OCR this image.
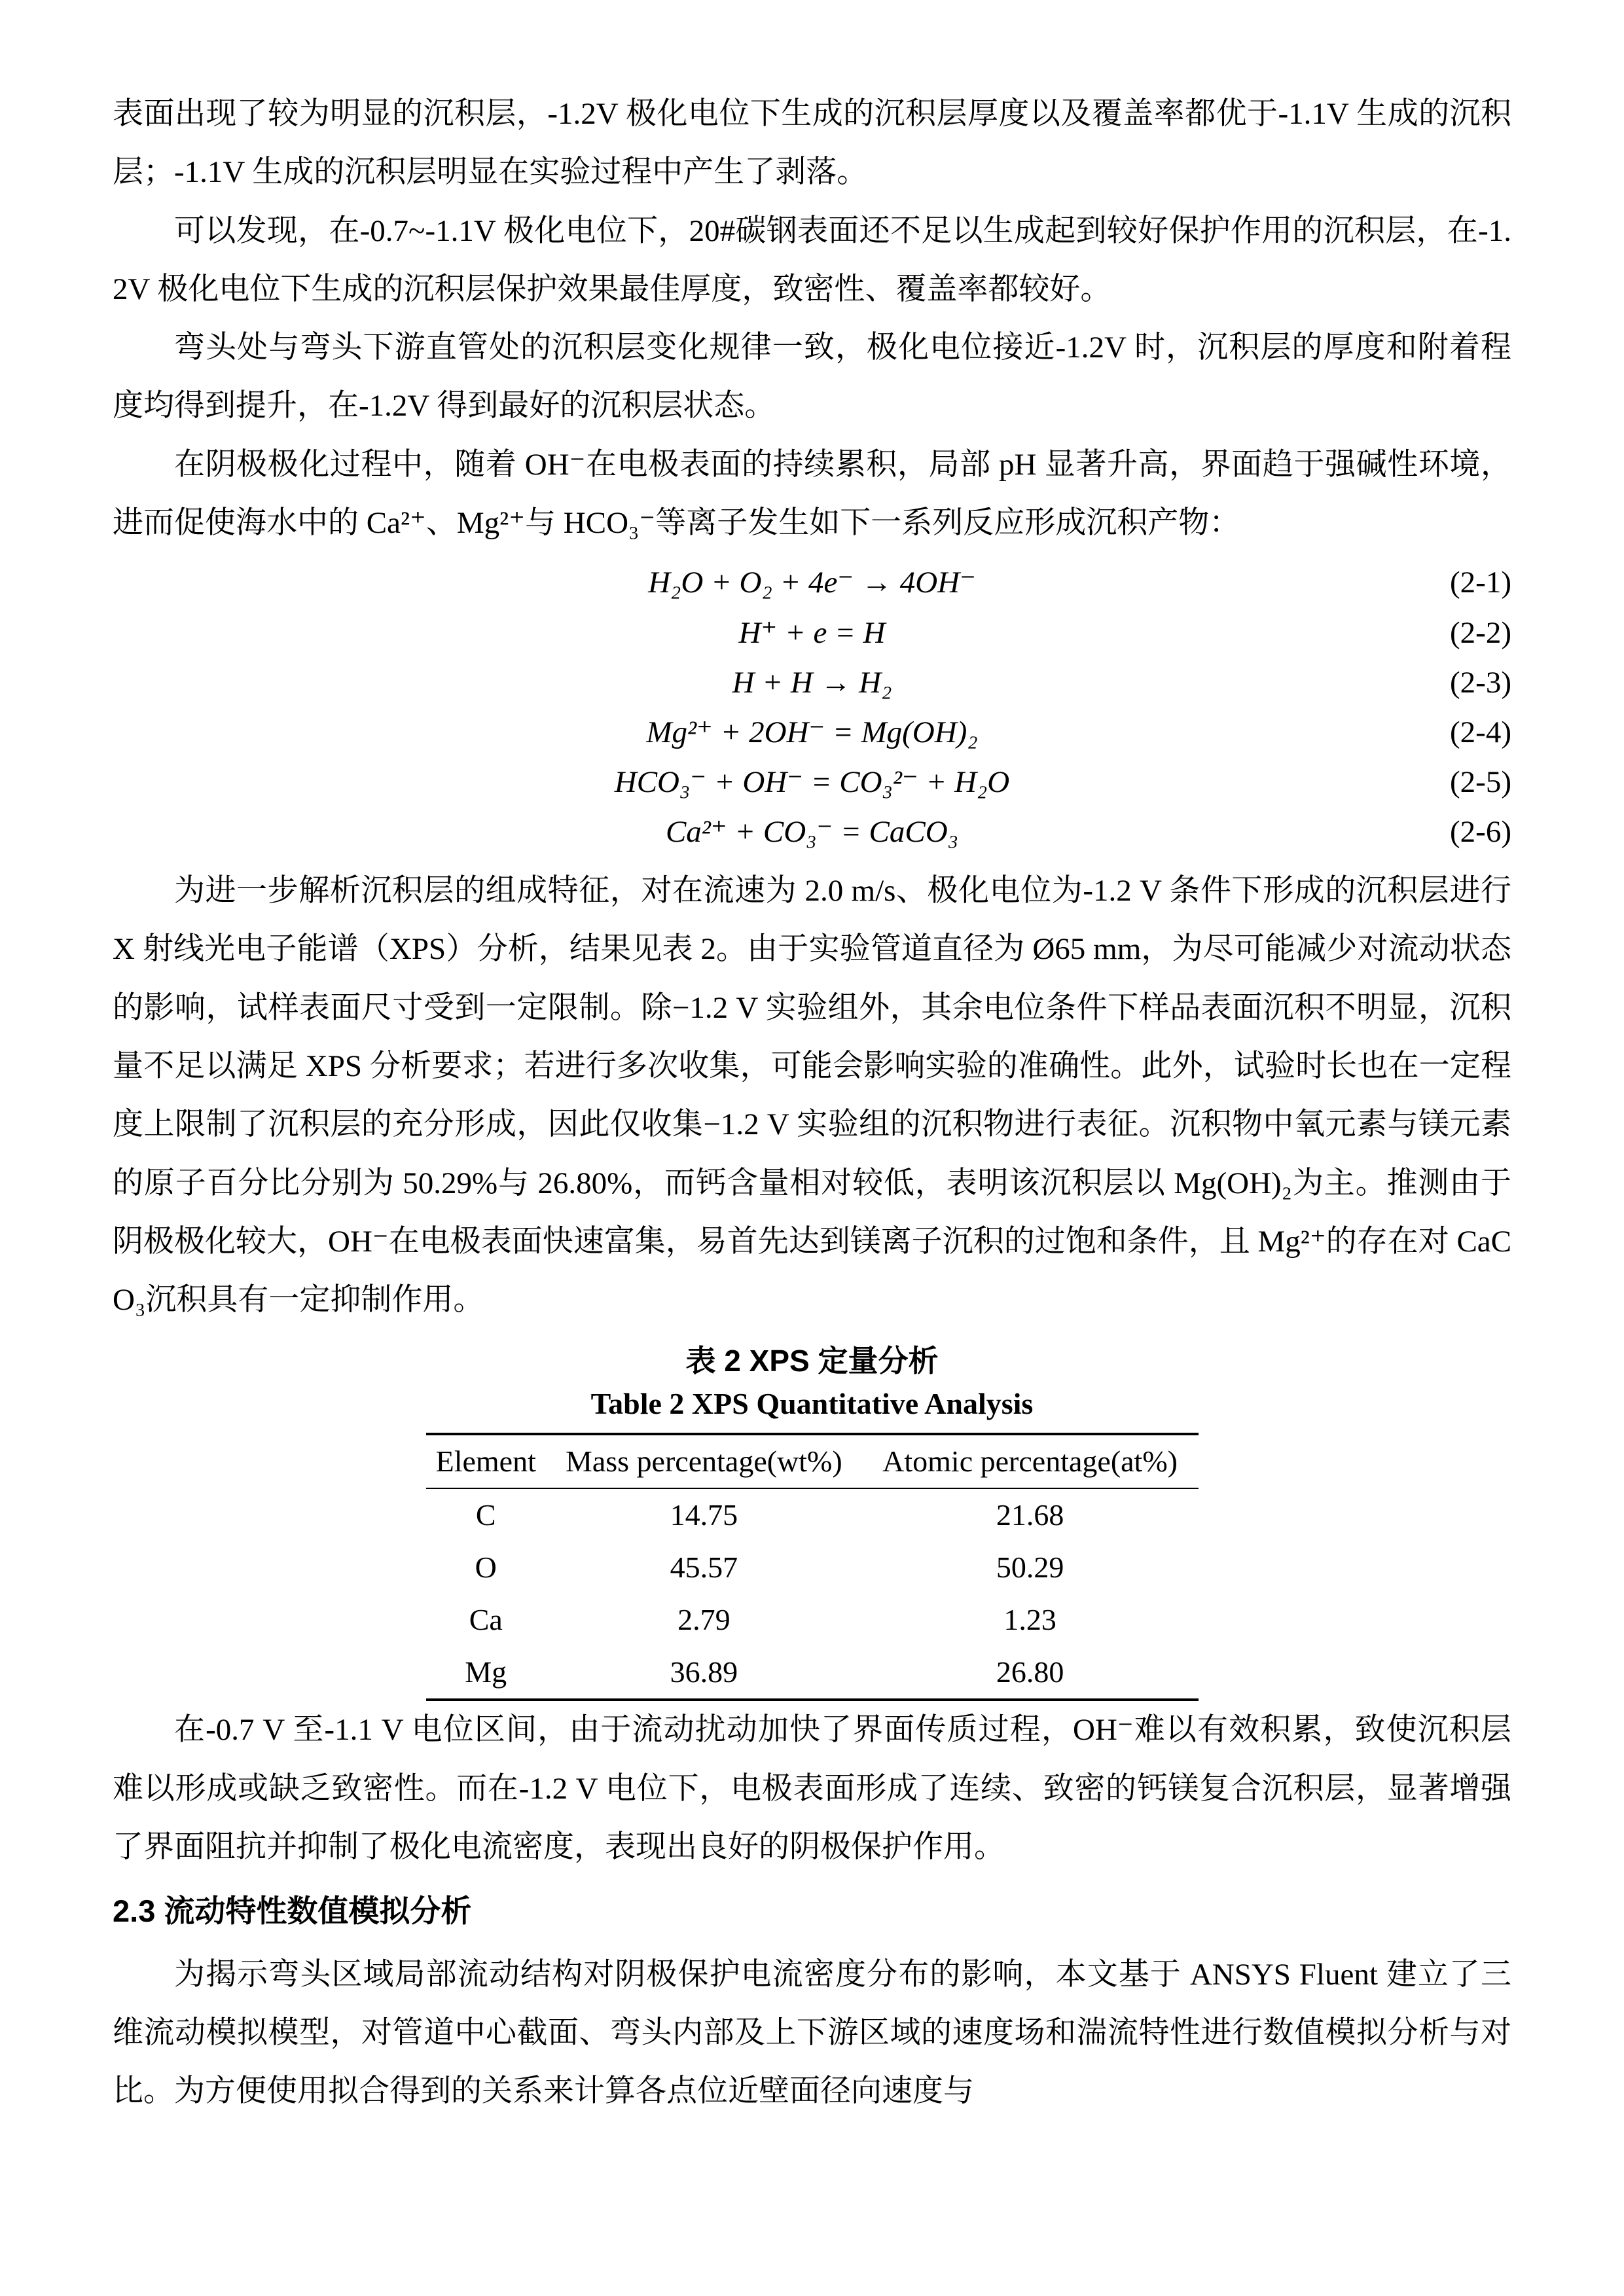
表面出现了较为明显的沉积层，-1.2V 极化电位下生成的沉积层厚度以及覆盖率都优于-1.1V 生成的沉积层；-1.1V 生成的沉积层明显在实验过程中产生了剥落。

可以发现，在-0.7~-1.1V 极化电位下，20#碳钢表面还不足以生成起到较好保护作用的沉积层，在-1.2V 极化电位下生成的沉积层保护效果最佳厚度，致密性、覆盖率都较好。

弯头处与弯头下游直管处的沉积层变化规律一致，极化电位接近-1.2V 时，沉积层的厚度和附着程度均得到提升，在-1.2V 得到最好的沉积层状态。

在阴极极化过程中，随着 OH⁻在电极表面的持续累积，局部 pH 显著升高，界面趋于强碱性环境，进而促使海水中的 Ca²⁺、Mg²⁺与 HCO₃⁻等离子发生如下一系列反应形成沉积产物：

H₂O + O₂ + 4e⁻ → 4OH⁻	(2-1)
H⁺ + e = H	(2-2)
H + H → H₂	(2-3)
Mg²⁺ + 2OH⁻ = Mg(OH)₂	(2-4)
HCO₃⁻ + OH⁻ = CO₃²⁻ + H₂O	(2-5)
Ca²⁺ + CO₃⁻ = CaCO₃	(2-6)

为进一步解析沉积层的组成特征，对在流速为 2.0 m/s、极化电位为-1.2 V 条件下形成的沉积层进行 X 射线光电子能谱（XPS）分析，结果见表 2。由于实验管道直径为 Ø65 mm，为尽可能减少对流动状态的影响，试样表面尺寸受到一定限制。除−1.2 V 实验组外，其余电位条件下样品表面沉积不明显，沉积量不足以满足 XPS 分析要求；若进行多次收集，可能会影响实验的准确性。此外，试验时长也在一定程度上限制了沉积层的充分形成，因此仅收集−1.2 V 实验组的沉积物进行表征。沉积物中氧元素与镁元素的原子百分比分别为 50.29%与 26.80%，而钙含量相对较低，表明该沉积层以 Mg(OH)₂为主。推测由于阴极极化较大，OH⁻在电极表面快速富集，易首先达到镁离子沉积的过饱和条件，且 Mg²⁺的存在对 CaCO₃沉积具有一定抑制作用。

表 2 XPS 定量分析
Table 2 XPS Quantitative Analysis
Element	Mass percentage(wt%)	Atomic percentage(at%)
C	14.75	21.68
O	45.57	50.29
Ca	2.79	1.23
Mg	36.89	26.80

在-0.7 V 至-1.1 V 电位区间，由于流动扰动加快了界面传质过程，OH⁻难以有效积累，致使沉积层难以形成或缺乏致密性。而在-1.2 V 电位下，电极表面形成了连续、致密的钙镁复合沉积层，显著增强了界面阻抗并抑制了极化电流密度，表现出良好的阴极保护作用。

2.3 流动特性数值模拟分析

为揭示弯头区域局部流动结构对阴极保护电流密度分布的影响，本文基于 ANSYS Fluent 建立了三维流动模拟模型，对管道中心截面、弯头内部及上下游区域的速度场和湍流特性进行数值模拟分析与对比。为方便使用拟合得到的关系来计算各点位近壁面径向速度与
